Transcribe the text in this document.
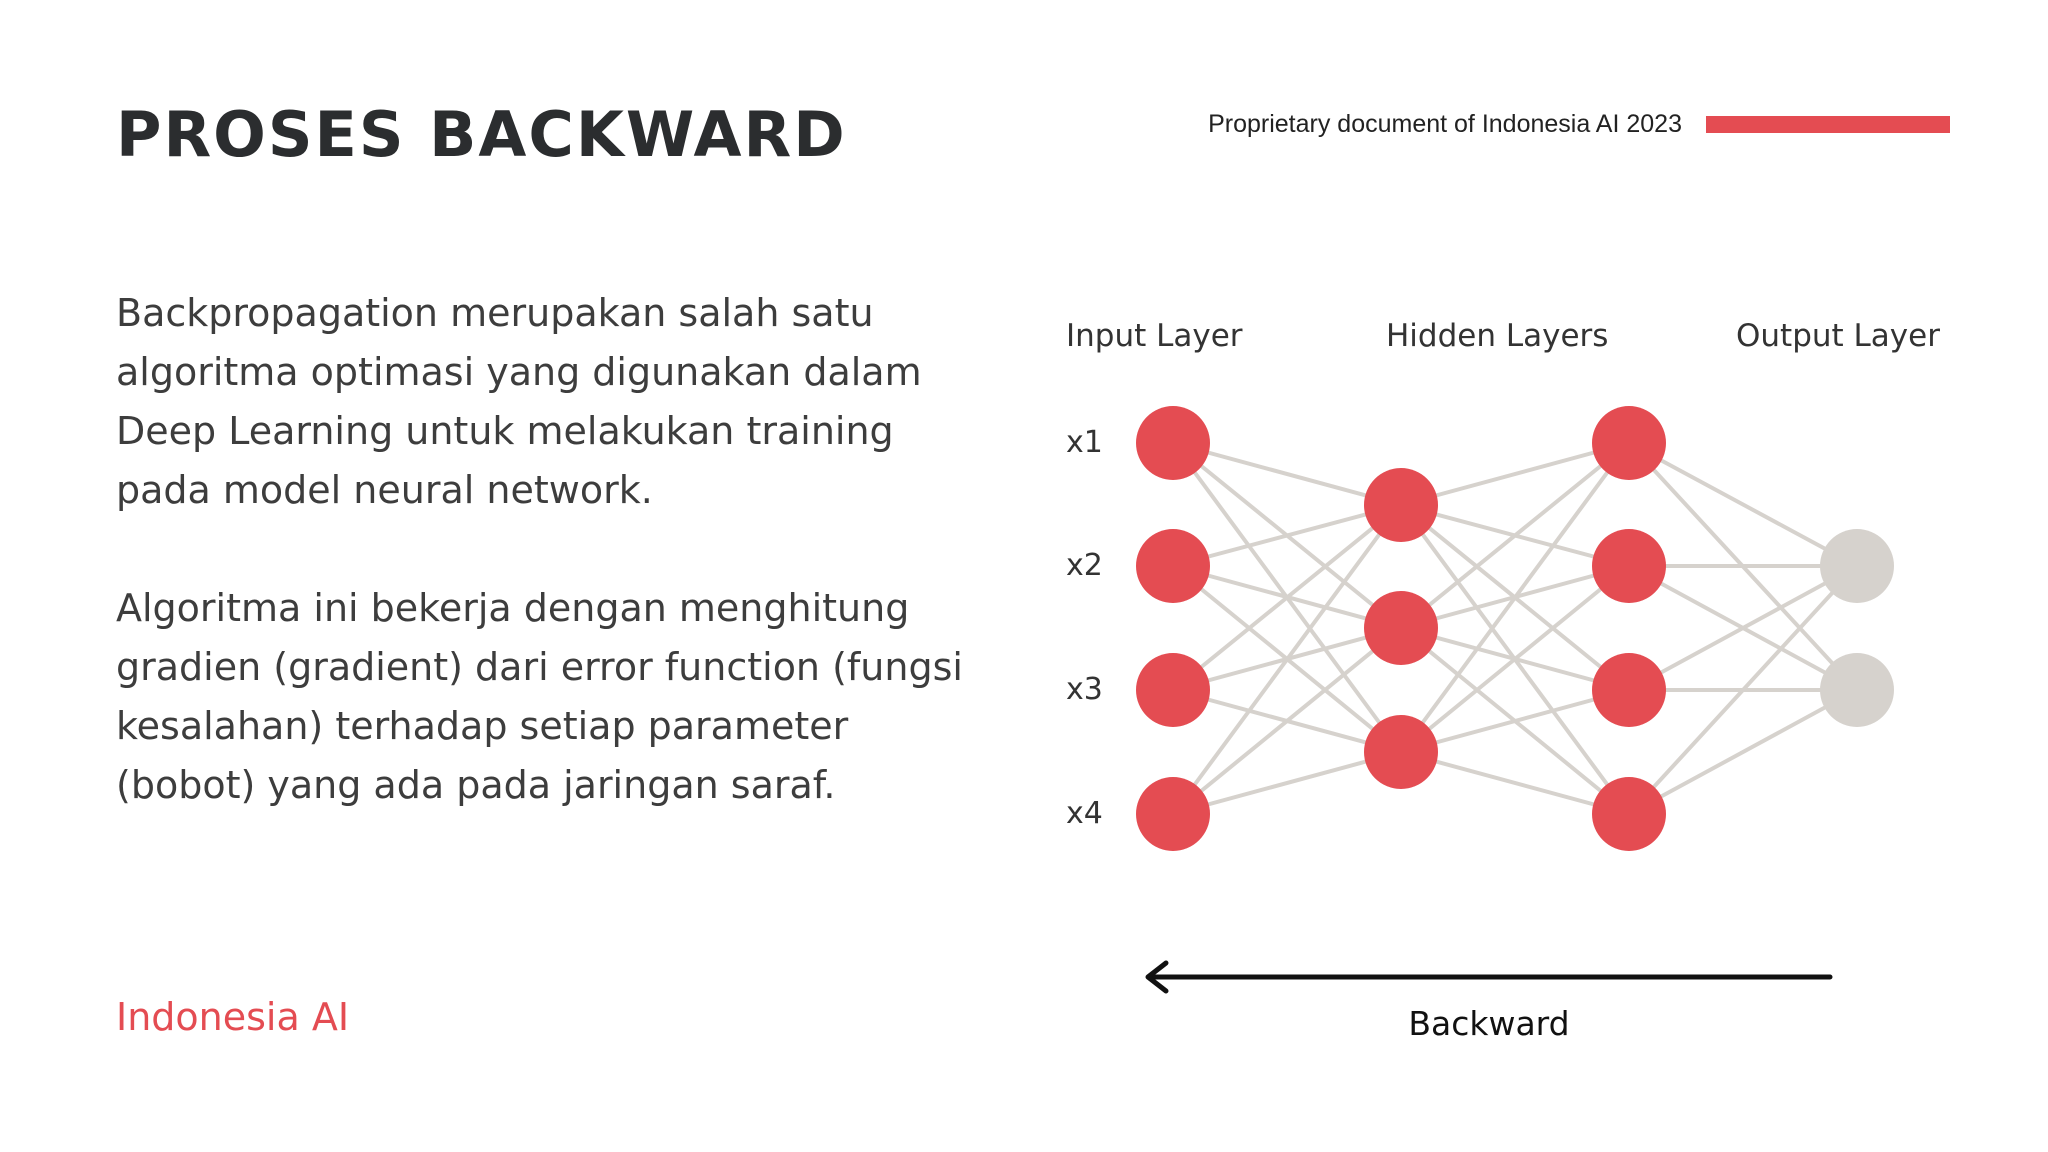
PROSES BACKWARD	Proprietary document of Indonesia AI 2023

Backpropagation merupakan salah satu algoritma optimasi yang digunakan dalam Deep Learning untuk melakukan training pada model neural network.

Algoritma ini bekerja dengan menghitung gradien (gradient) dari error function (fungsi kesalahan) terhadap setiap parameter (bobot) yang ada pada jaringan saraf.

Indonesia AI
Input Layer	Hidden Layers	Output Layer
x1
x2
x3
x4
Backward
